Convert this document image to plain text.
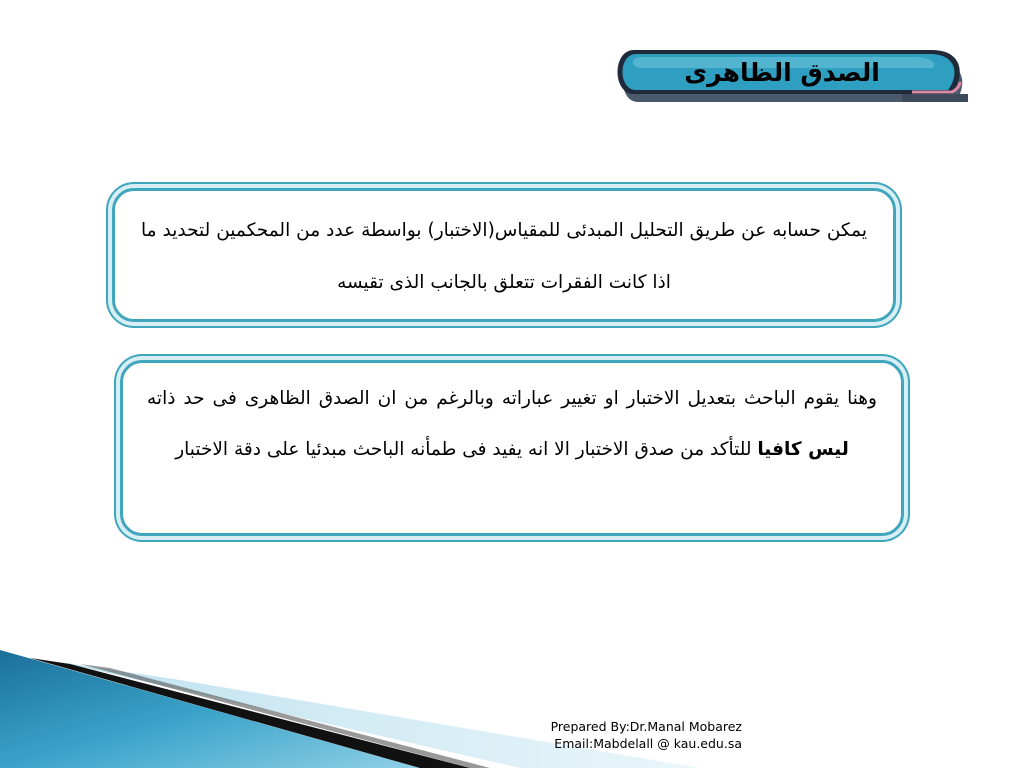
الصدق الظاهرى

يمكن حسابه عن طريق التحليل المبدئى للمقياس(الاختبار) بواسطة عدد من المحكمين لتحديد ما اذا كانت الفقرات تتعلق بالجانب الذى تقيسه

وهنا يقوم الباحث بتعديل الاختبار او تغيير عباراته وبالرغم من ان الصدق الظاهرى فى حد ذاته ليس كافيا للتأكد من صدق الاختبار الا انه يفيد فى طمأنه الباحث مبدئيا على دقة الاختبار

Prepared By:Dr.Manal Mobarez
Email:Mabdelall @ kau.edu.sa
